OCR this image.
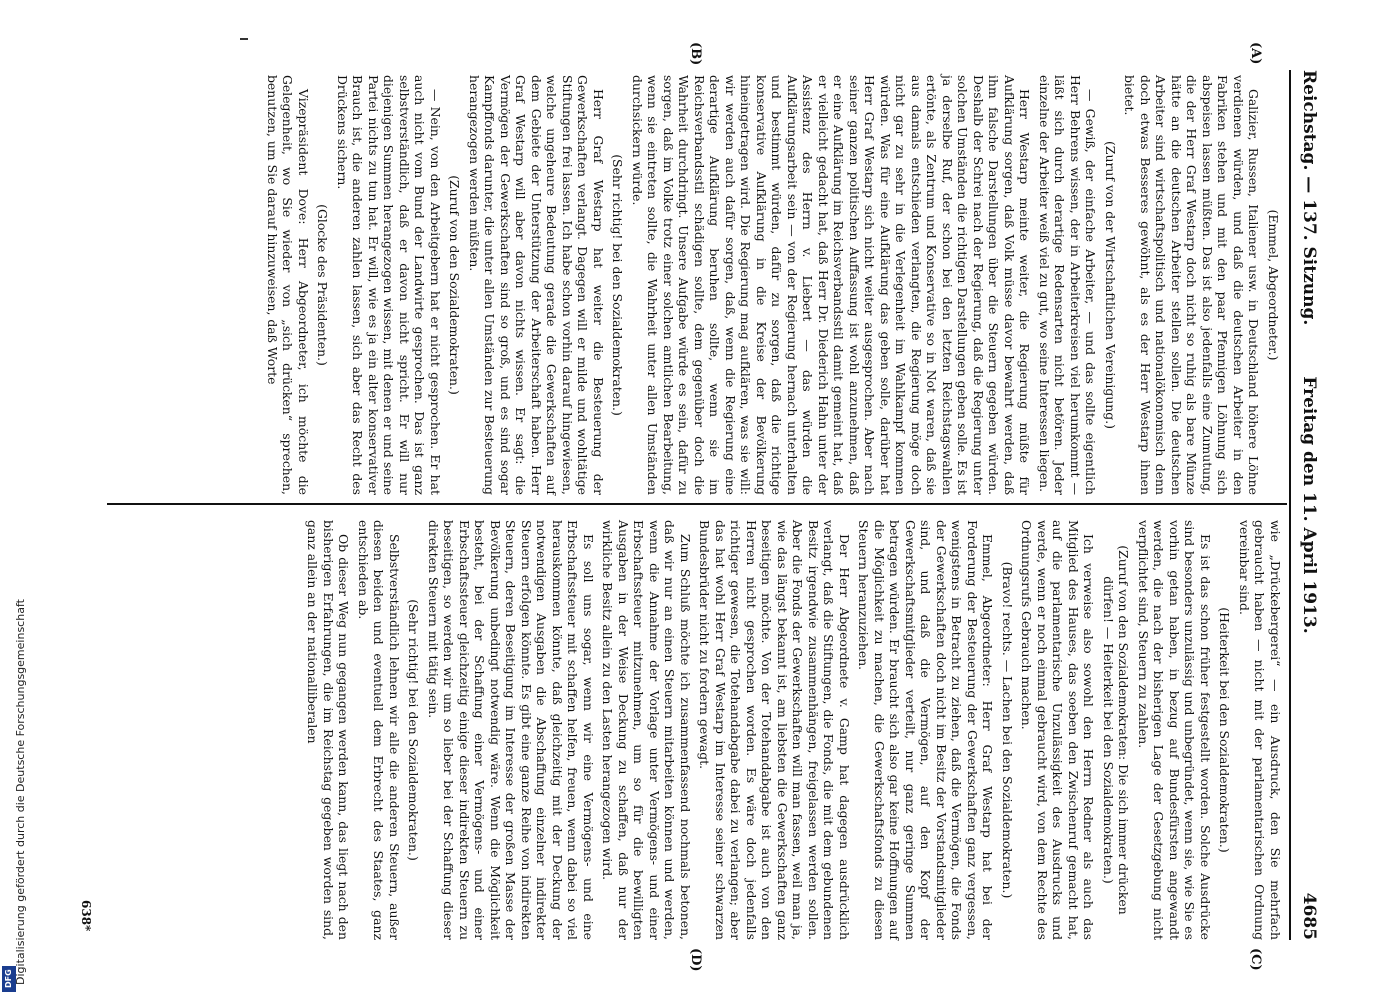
Reichstag. — 137. Sitzung.
Freitag den 11. April 1913.
4685
(A)
(B)
(C)
(D)

(Emmel, Abgeordneter.)

Galizier, Russen, Italiener usw. in Deutschland höhere Löhne verdienen würden, und daß die deutschen Arbeiter in den Fabriken stehen und mit den paar Pfennigen Löhnung sich abspeisen lassen müßten. Das ist also jedenfalls eine Zumutung, die der Herr Graf Westarp doch nicht so ruhig als bare Münze hätte an die deutschen Arbeiter stellen sollen. Die deutschen Arbeiter sind wirtschaftspolitisch und nationalökonomisch denn doch etwas Besseres gewöhnt, als es der Herr Westarp ihnen bietet.

(Zuruf von der Wirtschaftlichen Vereinigung.)

— Gewiß, der einfache Arbeiter, — und das sollte eigentlich Herr Behrens wissen, der in Arbeiterkreisen viel herumkommt — läßt sich durch derartige Redensarten nicht betören. Jeder einzelne der Arbeiter weiß viel zu gut, wo seine Interessen liegen.

Herr Westarp meinte weiter, die Regierung müßte für Aufklärung sorgen, daß Volk müsse davor bewahrt werden, daß ihm falsche Darstellungen über die Steuern gegeben würden. Deshalb der Schrei nach der Regierung, daß die Regierung unter solchen Umständen die richtigen Darstellungen geben solle. Es ist ja derselbe Ruf, der schon bei den letzten Reichstagswahlen ertönte, als Zentrum und Konservative so in Not waren, daß sie aus damals entschieden verlangten, die Regierung möge doch nicht gar zu sehr in die Verlegenheit im Wahlkampf kommen würden. Was für eine Aufklärung das geben solle, darüber hat Herr Graf Westarp sich nicht weiter ausgesprochen. Aber nach seiner ganzen politischen Auffassung ist wohl anzunehmen, daß er eine Aufklärung im Reichsverbandsstil damit gemeint hat, daß er vielleicht gedacht hat, daß Herr Dr. Diederich Hahn unter der Assistenz des Herrn v. Liebert — das würden die Aufklärungsarbeit sein — von der Regierung hernach unterhalten und bestimmt würden, dafür zu sorgen, daß die richtige konservative Aufklärung in die Kreise der Bevölkerung hineingetragen wird. Die Regierung mag aufklären, was sie will: wir werden auch dafür sorgen, daß, wenn die Regierung eine derartige Aufklärung beruhen sollte, wenn sie im Reichsverbandsstil schädigen sollte, dem gegenüber doch die Wahrheit durchdringt. Unsere Aufgabe würde es sein, dafür zu sorgen, daß im Volke trotz einer solchen amtlichen Bearbeitung, wenn sie eintreten sollte, die Wahrheit unter allen Umständen durchsickern würde.

(Sehr richtig! bei den Sozialdemokraten.)

Herr Graf Westarp hat weiter die Besteuerung der Gewerkschaften verlangt. Dagegen will er milde und wohltätige Stiftungen frei lassen. Ich habe schon vorhin darauf hingewiesen, welche ungeheure Bedeutung gerade die Gewerkschaften auf dem Gebiete der Unterstützung der Arbeiterschaft haben. Herr Graf Westarp will aber davon nichts wissen. Er sagt: die Vermögen der Gewerkschaften sind so groß, und es sind sogar Kampffonds darunter, die unter allen Umständen zur Besteuerung herangezogen werden müßten.

(Zuruf von den Sozialdemokraten.)

— Nein, von den Arbeitgebern hat er nicht gesprochen. Er hat auch nicht vom Bund der Landwirte gesprochen. Das ist ganz selbstverständlich, daß er davon nicht spricht. Er will nur diejenigen Summen herangezogen wissen, mit denen er und seine Partei nichts zu tun hat. Er will, wie es ja ein alter konservativer Brauch ist, die anderen zahlen lassen, sich aber das Recht des Drückens sichern.

(Glocke des Präsidenten.)

Vizepräsident Dove: Herr Abgeordneter, ich möchte die Gelegenheit, wo Sie wieder von „sich drücken“ sprechen, benutzen, um Sie darauf hinzuweisen, daß Worte

wie „Drückebergerei“ — ein Ausdruck, den Sie mehrfach gebraucht haben — nicht mit der parlamentarischen Ordnung vereinbar sind.

(Heiterkeit bei den Sozialdemokraten.)

Es ist das schon früher festgestellt worden. Solche Ausdrücke sind besonders unzulässig und unbegründet, wenn sie, wie Sie es vorhin getan haben, in bezug auf Bundesfürsten angewandt werden, die nach der bisherigen Lage der Gesetzgebung nicht verpflichtet sind, Steuern zu zahlen.

(Zuruf von den Sozialdemokraten: Die sich immer drücken dürfen! — Heiterkeit bei den Sozialdemokraten.)

Ich verweise also sowohl den Herrn Redner als auch das Mitglied des Hauses, das soeben den Zwischenruf gemacht hat, auf die parlamentarische Unzulässigkeit des Ausdrucks und werde, wenn er noch einmal gebraucht wird, von dem Rechte des Ordnungsrufs Gebrauch machen.

(Bravo! rechts. — Lachen bei den Sozialdemokraten.)

Emmel, Abgeordneter: Herr Graf Westarp hat bei der Forderung der Besteuerung der Gewerkschaften ganz vergessen, wenigstens in Betracht zu ziehen, daß die Vermögen, die Fonds der Gewerkschaften doch nicht im Besitz der Vorstandsmitglieder sind, und daß die Vermögen, auf den Kopf der Gewerkschaftsmitglieder verteilt, nur ganz geringe Summen betragen würden. Er braucht sich also gar keine Hoffnungen auf die Möglichkeit zu machen, die Gewerkschaftsfonds zu diesen Steuern heranzuziehen.

Der Herr Abgeordnete v. Gamp hat dagegen ausdrücklich verlangt, daß die Stiftungen, die Fonds, die mit dem gebundenen Besitz irgendwie zusammenhängen, freigelassen werden sollen. Aber die Fonds der Gewerkschaften will man fassen, weil man ja, wie das längst bekannt ist, am liebsten die Gewerkschaften ganz beseitigen möchte. Von der Totehandabgabe ist auch von den Herren nicht gesprochen worden. Es wäre doch jedenfalls richtiger gewesen, die Totehandabgabe dabei zu verlangen; aber das hat wohl Herr Graf Westarp im Interesse seiner schwarzen Bundesbrüder nicht zu fordern gewagt.

Zum Schluß möchte ich zusammenfassend nochmals betonen, daß wir nur an einen Steuern mitarbeiten können und werden, wenn die Annahme der Vorlage unter Vermögens- und einer Erbschaftssteuer mitzunehmen, um so für die bewilligten Ausgaben in der Weise Deckung zu schaffen, daß nur der wirkliche Besitz allein zu den Lasten herangezogen wird.

Es soll uns sogar, wenn wir eine Vermögens- und eine Erbschaftssteuer mit schaffen helfen, freuen, wenn dabei so viel herauskommen könnte, daß gleichzeitig mit der Deckung der notwendigen Ausgaben die Abschaffung einzelner indirekter Steuern erfolgen könnte. Es gibt eine ganze Reihe von indirekten Steuern, deren Beseitigung im Interesse der großen Masse der Bevölkerung unbedingt notwendig wäre. Wenn die Möglichkeit besteht, bei der Schaffung einer Vermögens- und einer Erbschaftssteuer gleichzeitig einige dieser indirekten Steuern zu beseitigen, so werden wir um so lieber bei der Schaffung dieser direkten Steuern mit tätig sein.

(Sehr richtig! bei den Sozialdemokraten.)

Selbstverständlich lehnen wir alle die anderen Steuern, außer diesen beiden und eventuell dem Erbrecht des Staates, ganz entschieden ab.

Ob dieser Weg nun gegangen werden kann, das liegt nach den bisherigen Erfahrungen, die im Reichstag gegeben worden sind, ganz allein an der nationalliberalen

638*
DFG Digitalisierung gefördert durch die Deutsche Forschungsgemeinschaft
